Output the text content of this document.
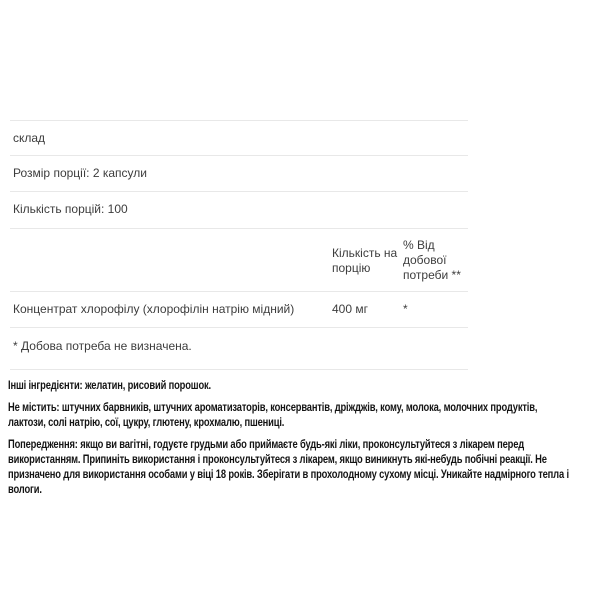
склад
Розмір порції: 2 капсули
Кількість порцій: 100
Кількість на порцію
% Від добової потреби **
Концентрат хлорофілу (хлорофілін натрію мідний)	400 мг	*
* Добова потреба не визначена.
Інші інгредієнти: желатин, рисовий порошок.
Не містить: штучних барвників, штучних ароматизаторів, консервантів, дріжджів, кому, молока, молочних продуктів,
лактози, солі натрію, сої, цукру, глютену, крохмалю, пшениці.
Попередження: якщо ви вагітні, годуєте грудьми або приймаєте будь-які ліки, проконсультуйтеся з лікарем перед
використанням. Припиніть використання і проконсультуйтеся з лікарем, якщо виникнуть які-небудь побічні реакції. Не
призначено для використання особами у віці 18 років. Зберігати в прохолодному сухому місці. Уникайте надмірного тепла і
вологи.
